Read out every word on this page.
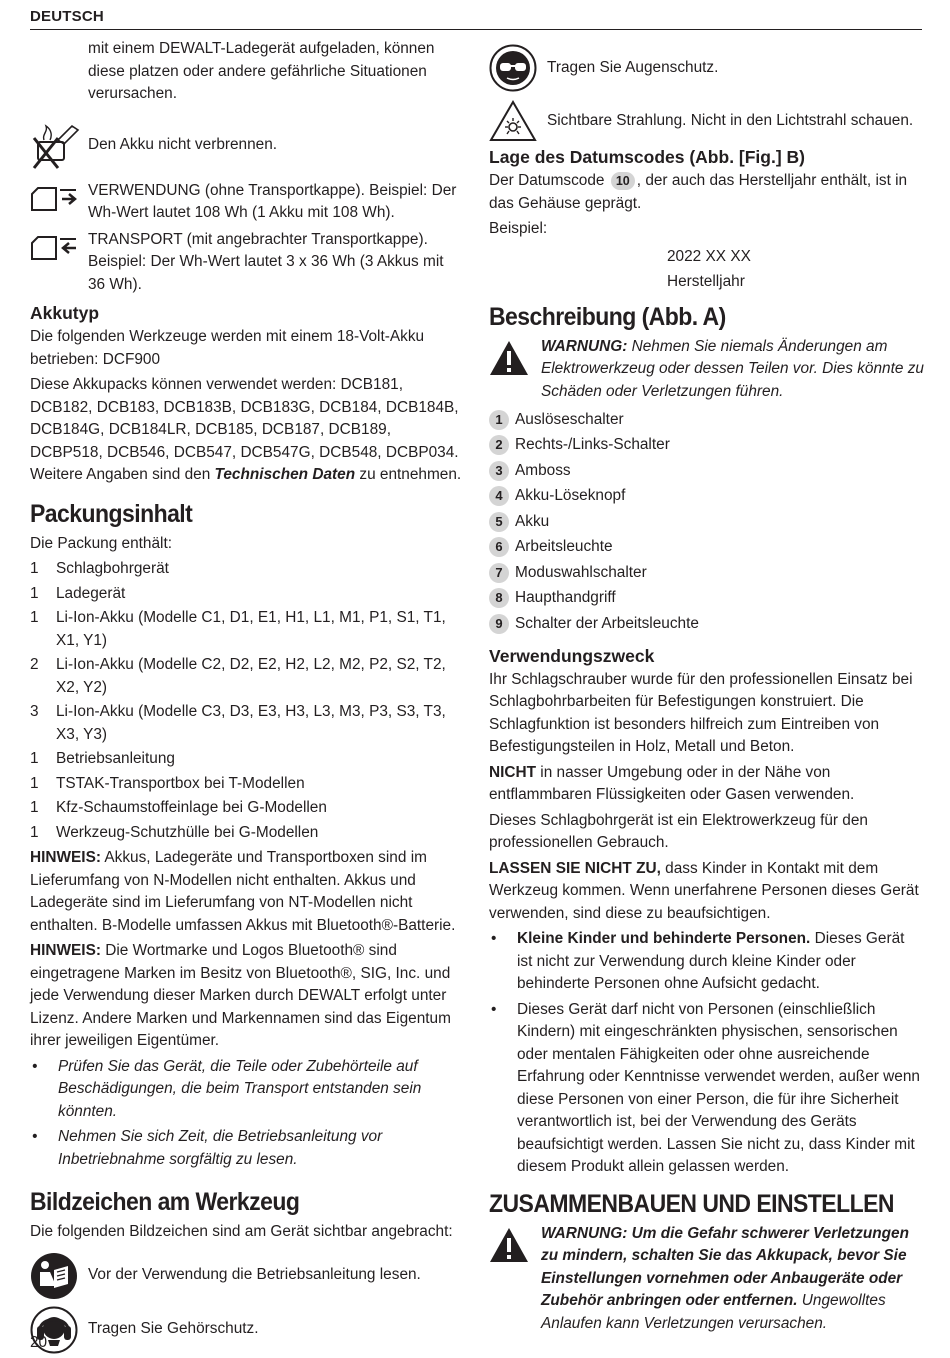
DEUTSCH

mit einem DEWALT-Ladegerät aufgeladen, können diese platzen oder andere gefährliche Situationen verursachen.

Den Akku nicht verbrennen.
VERWENDUNG (ohne Transportkappe). Beispiel: Der Wh-Wert lautet 108 Wh (1 Akku mit 108 Wh).
TRANSPORT (mit angebrachter Transportkappe). Beispiel: Der Wh-Wert lautet 3 x 36 Wh (3 Akkus mit 36 Wh).
Akkutyp

Die folgenden Werkzeuge werden mit einem 18-Volt-Akku betrieben: DCF900

Diese Akkupacks können verwendet werden: DCB181, DCB182, DCB183, DCB183B, DCB183G, DCB184, DCB184B, DCB184G, DCB184LR, DCB185, DCB187, DCB189, DCBP518, DCB546, DCB547, DCB547G, DCB548, DCBP034. Weitere Angaben sind den Technischen Daten zu entnehmen.

Packungsinhalt

Die Packung enthält:

1	Schlagbohrgerät
1	Ladegerät
1	Li-Ion-Akku (Modelle C1, D1, E1, H1, L1, M1, P1, S1, T1, X1, Y1)
2	Li-Ion-Akku (Modelle C2, D2, E2, H2, L2, M2, P2, S2, T2, X2, Y2)
3	Li-Ion-Akku (Modelle C3, D3, E3, H3, L3, M3, P3, S3, T3, X3, Y3)
1	Betriebsanleitung
1	TSTAK-Transportbox bei T-Modellen
1	Kfz-Schaumstoffeinlage bei G-Modellen
1	Werkzeug-Schutzhülle bei G-Modellen

HINWEIS: Akkus, Ladegeräte und Transportboxen sind im Lieferumfang von N-Modellen nicht enthalten. Akkus und Ladegeräte sind im Lieferumfang von NT-Modellen nicht enthalten. B-Modelle umfassen Akkus mit Bluetooth®-Batterie.

HINWEIS: Die Wortmarke und Logos Bluetooth® sind eingetragene Marken im Besitz von Bluetooth®, SIG, Inc. und jede Verwendung dieser Marken durch DEWALT erfolgt unter Lizenz. Andere Marken und Markennamen sind das Eigentum ihrer jeweiligen Eigentümer.

•	Prüfen Sie das Gerät, die Teile oder Zubehörteile auf Beschädigungen, die beim Transport entstanden sein könnten.
•	Nehmen Sie sich Zeit, die Betriebsanleitung vor Inbetriebnahme sorgfältig zu lesen.
Bildzeichen am Werkzeug

Die folgenden Bildzeichen sind am Gerät sichtbar angebracht:

Vor der Verwendung die Betriebsanleitung lesen.
Tragen Sie Gehörschutz.
Tragen Sie Augenschutz.
Sichtbare Strahlung. Nicht in den Lichtstrahl schauen.
Lage des Datumscodes (Abb. [Fig.] B)

Der Datumscode 10 , der auch das Herstelljahr enthält, ist in das Gehäuse geprägt.

Beispiel:

2022 XX XX
Herstelljahr
Beschreibung (Abb. A)
WARNUNG: Nehmen Sie niemals Änderungen am Elektrowerkzeug oder dessen Teilen vor. Dies könnte zu Schäden oder Verletzungen führen.
1 Auslöseschalter
2 Rechts-/Links-Schalter
3 Amboss
4 Akku-Löseknopf
5 Akku
6 Arbeitsleuchte
7 Moduswahlschalter
8 Haupthandgriff
9 Schalter der Arbeitsleuchte
Verwendungszweck

Ihr Schlagschrauber wurde für den professionellen Einsatz bei Schlagbohrbarbeiten für Befestigungen konstruiert. Die Schlagfunktion ist besonders hilfreich zum Eintreiben von Befestigungsteilen in Holz, Metall und Beton.

NICHT in nasser Umgebung oder in der Nähe von entflammbaren Flüssigkeiten oder Gasen verwenden.

Dieses Schlagbohrgerät ist ein Elektrowerkzeug für den professionellen Gebrauch.

LASSEN SIE NICHT ZU, dass Kinder in Kontakt mit dem Werkzeug kommen. Wenn unerfahrene Personen dieses Gerät verwenden, sind diese zu beaufsichtigen.

•	Kleine Kinder und behinderte Personen. Dieses Gerät ist nicht zur Verwendung durch kleine Kinder oder behinderte Personen ohne Aufsicht gedacht.
•	Dieses Gerät darf nicht von Personen (einschließlich Kindern) mit eingeschränkten physischen, sensorischen oder mentalen Fähigkeiten oder ohne ausreichende Erfahrung oder Kenntnisse verwendet werden, außer wenn diese Personen von einer Person, die für ihre Sicherheit verantwortlich ist, bei der Verwendung des Geräts beaufsichtigt werden. Lassen Sie nicht zu, dass Kinder mit diesem Produkt allein gelassen werden.
ZUSAMMENBAUEN UND EINSTELLEN
WARNUNG: Um die Gefahr schwerer Verletzungen zu mindern, schalten Sie das Akkupack, bevor Sie Einstellungen vornehmen oder Anbaugeräte oder Zubehör anbringen oder entfernen. Ungewolltes Anlaufen kann Verletzungen verursachen.
20
